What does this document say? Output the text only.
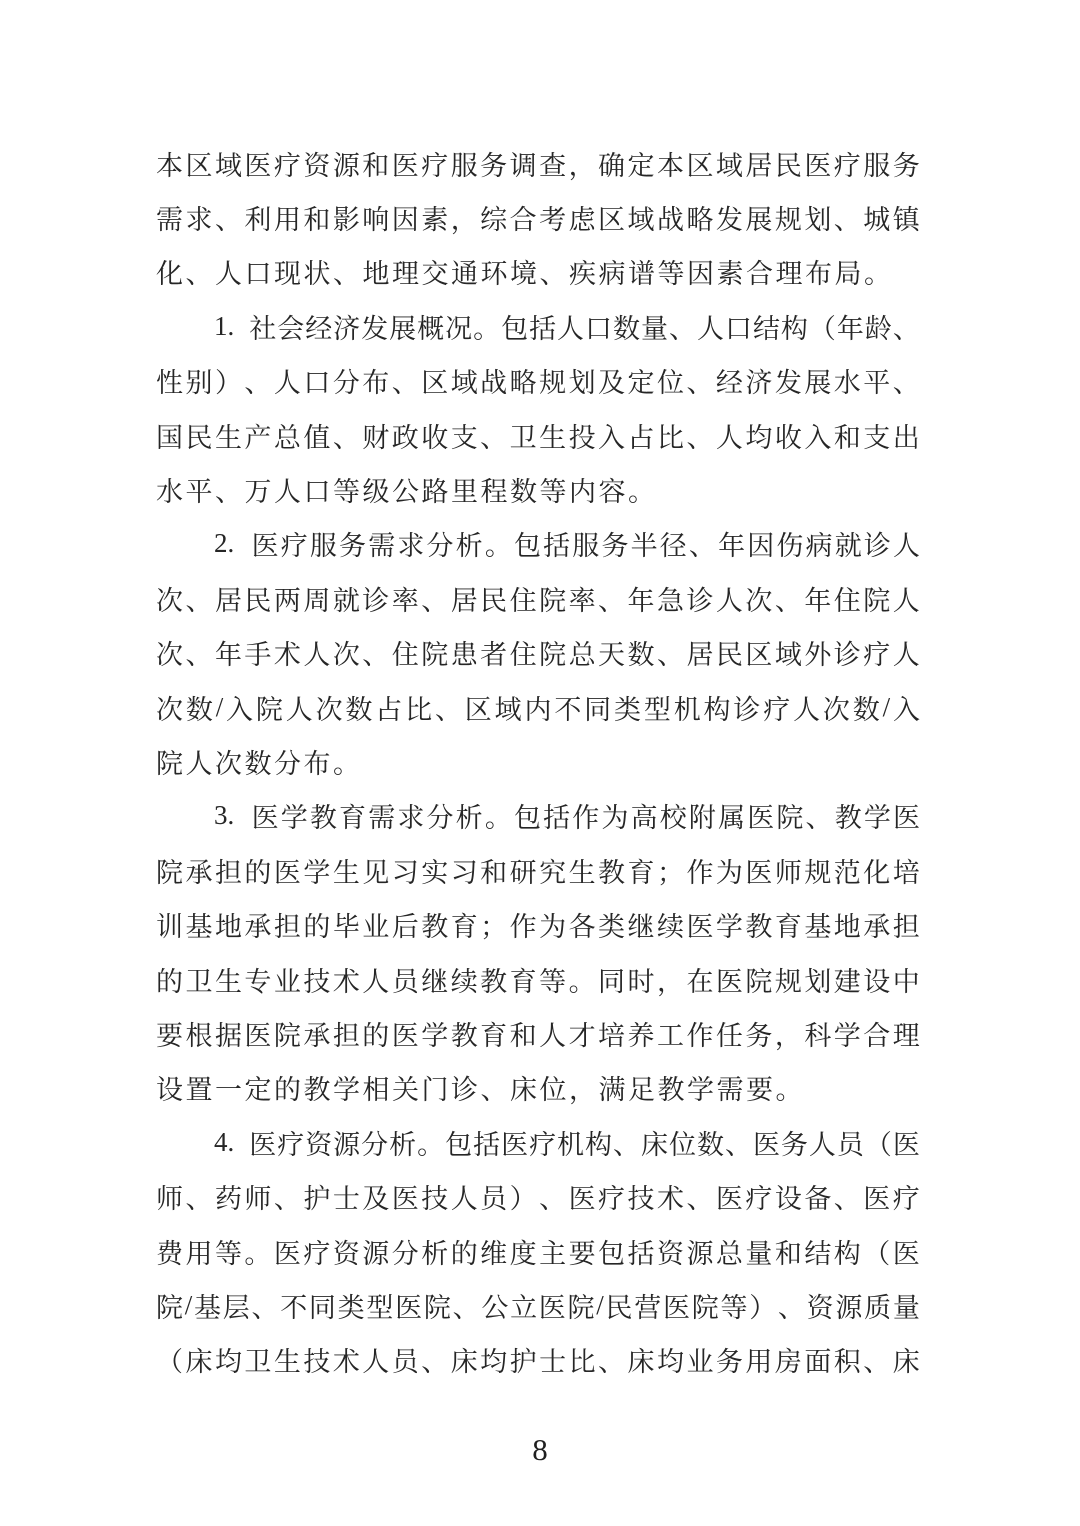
本 区 域 医 疗 资 源 和 医 疗 服 务 调 查 ， 确 定 本 区 域 居 民 医 疗 服 务
需 求 、 利 用 和 影 响 因 素 ， 综 合 考 虑 区 域 战 略 发 展 规 划 、 城 镇
化 、 人 口 现 状 、 地 理 交 通 环 境 、 疾 病 谱 等 因 素 合 理 布 局 。
1.
社 会 经 济 发 展 概 况 。 包 括 人 口 数 量 、 人 口 结 构 （ 年 龄 、
性 别 ） 、 人 口 分 布 、 区 域 战 略 规 划 及 定 位 、 经 济 发 展 水 平 、
国 民 生 产 总 值 、 财 政 收 支 、 卫 生 投 入 占 比 、 人 均 收 入 和 支 出
水 平 、 万 人 口 等 级 公 路 里 程 数 等 内 容 。
2.
医 疗 服 务 需 求 分 析 。 包 括 服 务 半 径 、 年 因 伤 病 就 诊 人
次 、 居 民 两 周 就 诊 率 、 居 民 住 院 率 、 年 急 诊 人 次 、 年 住 院 人
次 、 年 手 术 人 次 、 住 院 患 者 住 院 总 天 数 、 居 民 区 域 外 诊 疗 人
次 数 / 入 院 人 次 数 占 比 、 区 域 内 不 同 类 型 机 构 诊 疗 人 次 数 / 入
院 人 次 数 分 布 。
3.
医 学 教 育 需 求 分 析 。 包 括 作 为 高 校 附 属 医 院 、 教 学 医
院 承 担 的 医 学 生 见 习 实 习 和 研 究 生 教 育 ； 作 为 医 师 规 范 化 培
训 基 地 承 担 的 毕 业 后 教 育 ； 作 为 各 类 继 续 医 学 教 育 基 地 承 担
的 卫 生 专 业 技 术 人 员 继 续 教 育 等 。 同 时 ， 在 医 院 规 划 建 设 中
要 根 据 医 院 承 担 的 医 学 教 育 和 人 才 培 养 工 作 任 务 ， 科 学 合 理
设 置 一 定 的 教 学 相 关 门 诊 、 床 位 ， 满 足 教 学 需 要 。
4.
医 疗 资 源 分 析 。 包 括 医 疗 机 构 、 床 位 数 、 医 务 人 员 （ 医
师 、 药 师 、 护 士 及 医 技 人 员 ） 、 医 疗 技 术 、 医 疗 设 备 、 医 疗
费 用 等 。 医 疗 资 源 分 析 的 维 度 主 要 包 括 资 源 总 量 和 结 构 （ 医
院 / 基 层 、 不 同 类 型 医 院 、 公 立 医 院 / 民 营 医 院 等 ） 、 资 源 质 量
（ 床 均 卫 生 技 术 人 员 、 床 均 护 士 比 、 床 均 业 务 用 房 面 积 、 床
8
